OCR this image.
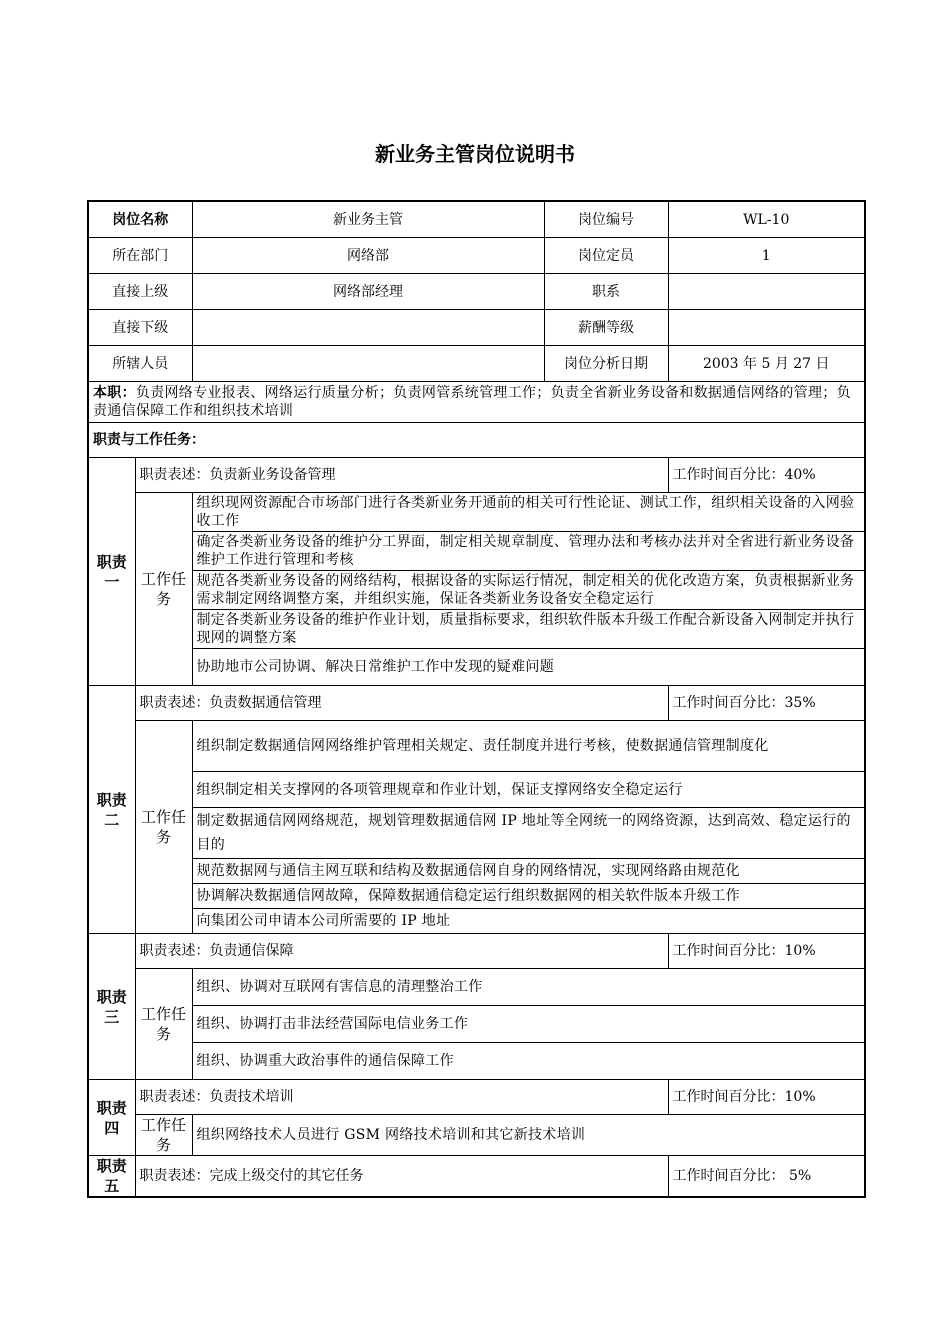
新业务主管岗位说明书
岗位名称		新业务主管	岗位编号	WL-10
所在部门		网络部	岗位定员	1
直接上级		网络部经理	职系	
直接下级			薪酬等级	
所辖人员			岗位分析日期	2003 年 5 月 27 日
本职：负责网络专业报表、网络运行质量分析；负责网管系统管理工作；负责全省新业务设备和数据通信网络的管理；负责通信保障工作和组织技术培训				
职责与工作任务：				
职责一	职责表述：负责新业务设备管理			工作时间百分比：40%
	工作任务	组织现网资源配合市场部门进行各类新业务开通前的相关可行性论证、测试工作，组织相关设备的入网验收工作		
		确定各类新业务设备的维护分工界面，制定相关规章制度、管理办法和考核办法并对全省进行新业务设备维护工作进行管理和考核		
		规范各类新业务设备的网络结构，根据设备的实际运行情况，制定相关的优化改造方案，负责根据新业务需求制定网络调整方案，并组织实施，保证各类新业务设备安全稳定运行		
		制定各类新业务设备的维护作业计划，质量指标要求，组织软件版本升级工作配合新设备入网制定并执行现网的调整方案		
		协助地市公司协调、解决日常维护工作中发现的疑难问题		
职责二	职责表述：负责数据通信管理			工作时间百分比：35%
	工作任务	组织制定数据通信网网络维护管理相关规定、责任制度并进行考核，使数据通信管理制度化		
		组织制定相关支撑网的各项管理规章和作业计划，保证支撑网络安全稳定运行		
		制定数据通信网网络规范，规划管理数据通信网 IP 地址等全网统一的网络资源，达到高效、稳定运行的目的		
		规范数据网与通信主网互联和结构及数据通信网自身的网络情况，实现网络路由规范化		
		协调解决数据通信网故障，保障数据通信稳定运行组织数据网的相关软件版本升级工作		
		向集团公司申请本公司所需要的 IP 地址		
职责三	职责表述：负责通信保障			工作时间百分比：10%
	工作任务	组织、协调对互联网有害信息的清理整治工作		
		组织、协调打击非法经营国际电信业务工作		
		组织、协调重大政治事件的通信保障工作		
职责四	职责表述：负责技术培训			工作时间百分比：10%
	工作任务	组织网络技术人员进行 GSM 网络技术培训和其它新技术培训		
职责五	职责表述：完成上级交付的其它任务			工作时间百分比： 5%
